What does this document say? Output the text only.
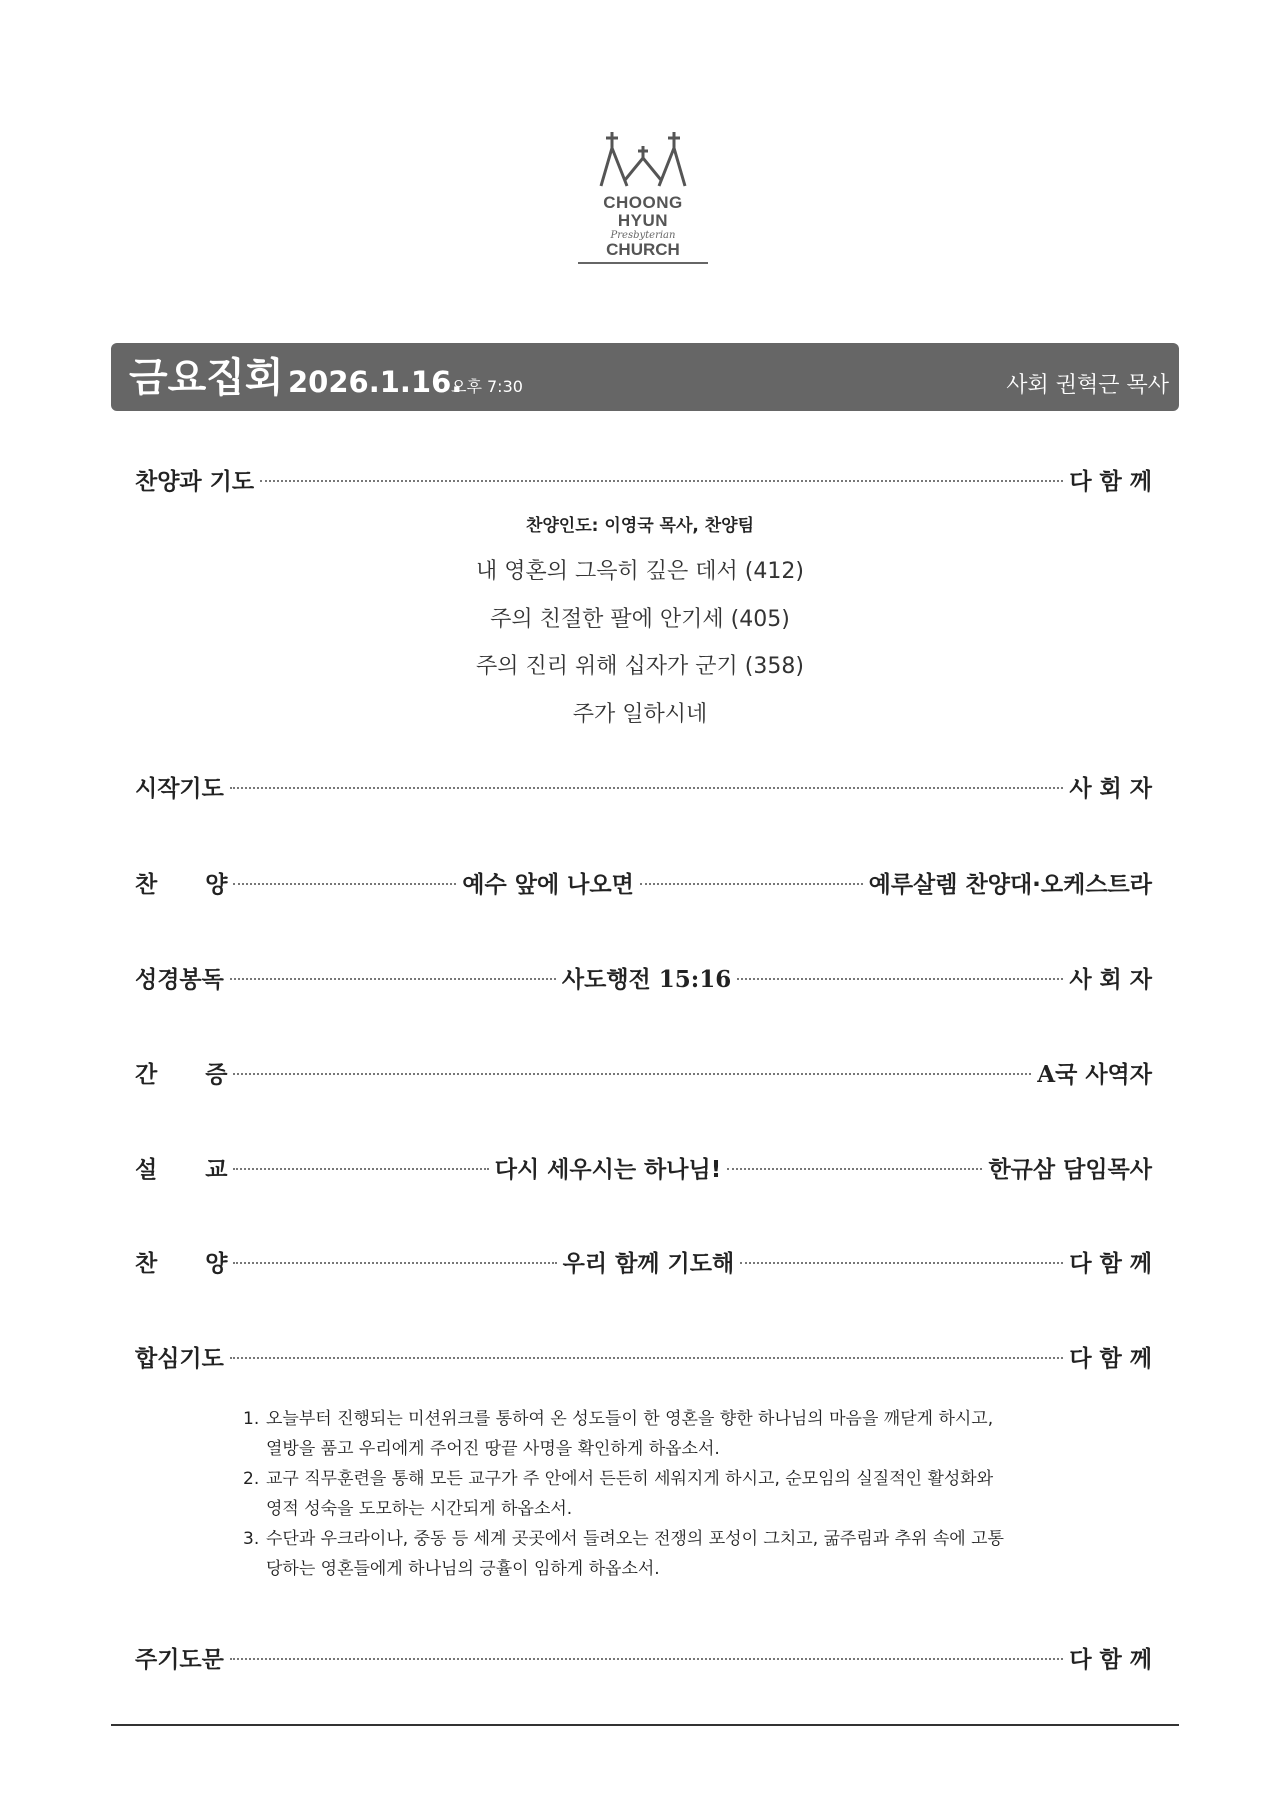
CHOONG HYUN
Presbyterian
CHURCH
금요집회 2026.1.16.
오후 7:30	사회 권혁근 목사
찬양과 기도	다 함 께
찬양인도: 이영국 목사, 찬양팀
내 영혼의 그윽히 깊은 데서 (412)
주의 친절한 팔에 안기세 (405)
주의 진리 위해 십자가 군기 (358)
주가 일하시네
시작기도	사 회 자
찬      양	예수 앞에 나오면	예루살렘 찬양대·오케스트라
성경봉독	사도행전 15:16	사 회 자
간      증	A국 사역자
설      교	다시 세우시는 하나님!	한규삼 담임목사
찬      양	우리 함께 기도해	다 함 께
합심기도	다 함 께
1. 오늘부터 진행되는 미션위크를 통하여 온 성도들이 한 영혼을 향한 하나님의 마음을 깨닫게 하시고,
열방을 품고 우리에게 주어진 땅끝 사명을 확인하게 하옵소서.
2. 교구 직무훈련을 통해 모든 교구가 주 안에서 든든히 세워지게 하시고, 순모임의 실질적인 활성화와
영적 성숙을 도모하는 시간되게 하옵소서.
3. 수단과 우크라이나, 중동 등 세계 곳곳에서 들려오는 전쟁의 포성이 그치고, 굶주림과 추위 속에 고통
당하는 영혼들에게 하나님의 긍휼이 임하게 하옵소서.
주기도문	다 함 께
